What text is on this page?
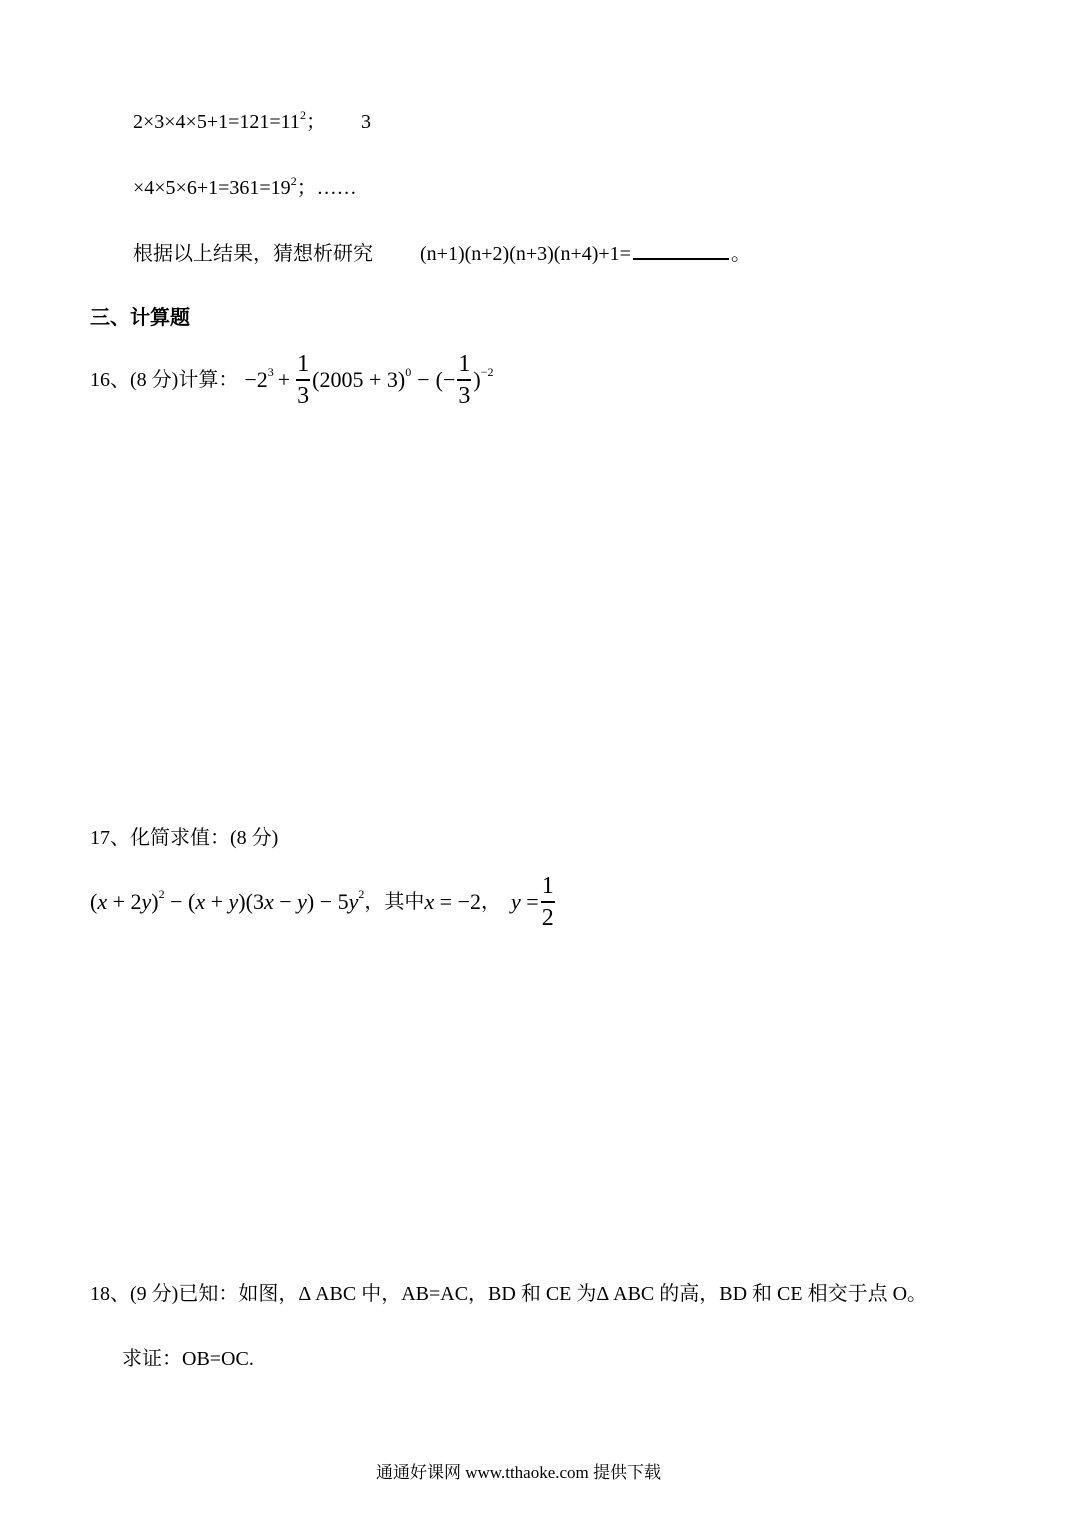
$2\times 3\times 4\times 5+1=121=11^2$； 3
$\times 4\times 5\times 6+1=361=19^2$；……
根据以上结果，猜想析研究 (n+1)(n+2)(n+3)(n+4)+1=	。
三、计算题
16、(8 分)计算： $-2^3 + \frac{1}{3} (2005 + 3)^0$ − (− $\frac{1}{3} )^{-2}$
17、化简求值：(8 分)
$(x + 2y)^2 - (x + y)(3x - y) - 5y^2$ ，其中 x = −2 ， $y = \frac{1}{2}$
18、(9 分)已知：如图，Δ ABC 中，AB=AC，BD 和 CE 为Δ ABC 的高，BD 和 CE 相交于点 O。
求证：OB=OC.
通通好课网 www.tthaoke.com 提供下载
